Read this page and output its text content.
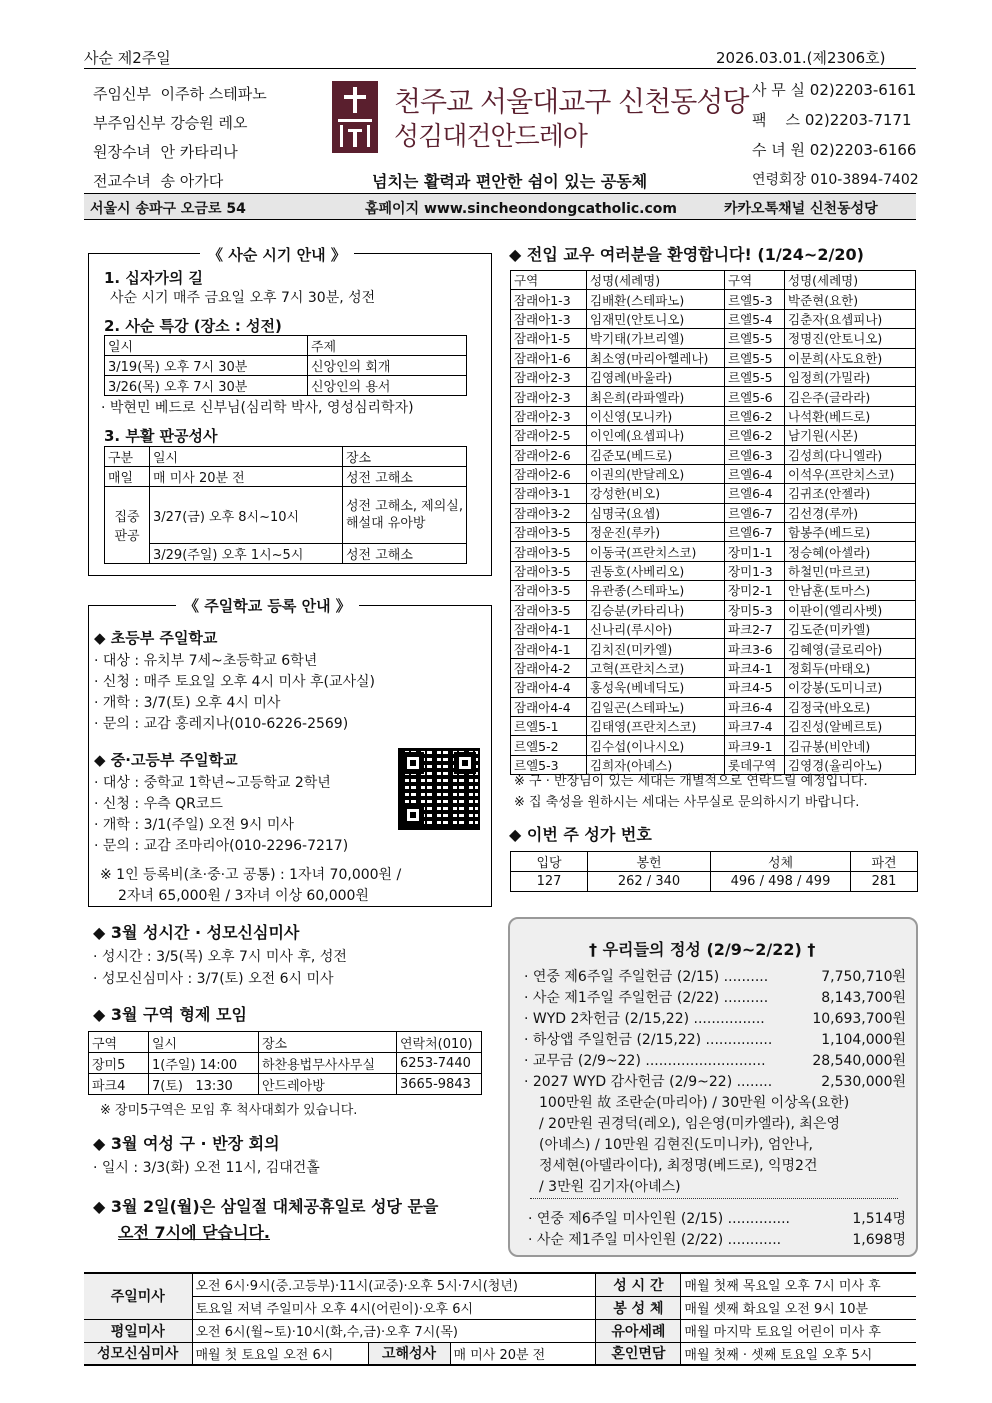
사순 제2주일	2026.03.01.(제2306호)
주임신부  이주하 스테파노
부주임신부 강승원 레오
원장수녀  안 카타리나
전교수녀  송 아가다
천주교 서울대교구 신천동성당
성김대건안드레아
넘치는 활력과 편안한 쉼이 있는 공동체
사 무 실 02)2203-6161
팩    스 02)2203-7171
수 녀 원 02)2203-6166
연령회장 010-3894-7402
서울시 송파구 오금로 54	홈페이지 www.sincheondongcatholic.com	카카오톡채널 신천동성당
《 사순 시기 안내 》
1. 십자가의 길
사순 시기 매주 금요일 오후 7시 30분, 성전
2. 사순 특강 (장소 : 성전)
일시	주제
3/19(목) 오후 7시 30분	신앙인의 회개
3/26(목) 오후 7시 30분	신앙인의 용서
· 박현민 베드로 신부님(심리학 박사, 영성심리학자)
3. 부활 판공성사
구분	일시	장소
매일	매 미사 20분 전	성전 고해소
집중 판공	3/27(금) 오후 8시~10시	성전 고해소, 제의실, 해설대 유아방
	3/29(주일) 오후 1시~5시	성전 고해소
《 주일학교 등록 안내 》
◆ 초등부 주일학교
· 대상 : 유치부 7세~초등학교 6학년
· 신청 : 매주 토요일 오후 4시 미사 후(교사실)
· 개학 : 3/7(토) 오후 4시 미사
· 문의 : 교감 홍레지나(010-6226-2569)
◆ 중·고등부 주일학교
· 대상 : 중학교 1학년~고등학교 2학년
· 신청 : 우측 QR코드
· 개학 : 3/1(주일) 오전 9시 미사
· 문의 : 교감 조마리아(010-2296-7217)
※ 1인 등록비(초·중·고 공통) : 1자녀 70,000원 /
2자녀 65,000원 / 3자녀 이상 60,000원
◆ 3월 성시간 · 성모신심미사
· 성시간 : 3/5(목) 오후 7시 미사 후, 성전
· 성모신심미사 : 3/7(토) 오전 6시 미사
◆ 3월 구역 형제 모임
구역	일시	장소	연락처(010)
장미5	1(주일) 14:00	하찬용법무사사무실	6253-7440
파크4	7(토)   13:30	안드레아방	3665-9843
※ 장미5구역은 모임 후 척사대회가 있습니다.
◆ 3월 여성 구 · 반장 회의
· 일시 : 3/3(화) 오전 11시, 김대건홀
◆ 3월 2일(월)은 삼일절 대체공휴일로 성당 문을
오전 7시에 닫습니다.
◆ 전입 교우 여러분을 환영합니다! (1/24~2/20)
구역	성명(세례명)	구역	성명(세례명)
잠래아1-3	김배환(스테파노)	르엘5-3	박준현(요한)
잠래아1-3	임재민(안토니오)	르엘5-4	김춘자(요셉피나)
잠래아1-5	박기태(가브리엘)	르엘5-5	정명진(안토니오)
잠래아1-6	최소영(마리아헬레나)	르엘5-5	이문희(사도요한)
잠래아2-3	김영례(바울라)	르엘5-5	임정희(가밀라)
잠래아2-3	최은희(라파엘라)	르엘5-6	김은주(글라라)
잠래아2-3	이신영(모니카)	르엘6-2	나석환(베드로)
잠래아2-5	이인예(요셉피나)	르엘6-2	남기원(시몬)
잠래아2-6	김준모(베드로)	르엘6-3	김성희(다니엘라)
잠래아2-6	이권의(반달레오)	르엘6-4	이석우(프란치스코)
잠래아3-1	강성한(비오)	르엘6-4	김귀조(안젤라)
잠래아3-2	심명국(요셉)	르엘6-7	김선경(루까)
잠래아3-5	정운진(루카)	르엘6-7	함봉주(베드로)
잠래아3-5	이동국(프란치스코)	장미1-1	정승혜(아셀라)
잠래아3-5	권동호(사베리오)	장미1-3	하철민(마르코)
잠래아3-5	유관종(스테파노)	장미2-1	안남훈(토마스)
잠래아3-5	김승분(카타리나)	장미5-3	이판이(엘리사벳)
잠래아4-1	신나리(루시아)	파크2-7	김도준(미카엘)
잠래아4-1	김치진(미카엘)	파크3-6	김혜영(글로리아)
잠래아4-2	고혁(프란치스코)	파크4-1	정회두(마태오)
잠래아4-4	홍성욱(베네딕도)	파크4-5	이강봉(도미니코)
잠래아4-4	김일곤(스테파노)	파크6-4	김정국(바오로)
르엘5-1	김태영(프란치스코)	파크7-4	김진성(알베르토)
르엘5-2	김수섭(이나시오)	파크9-1	김규봉(비안네)
르엘5-3	김희자(아녜스)	롯데구역	김영경(율리아노)
※ 구 · 반장님이 있는 세대는 개별적으로 연락드릴 예정입니다.
※ 집 축성을 원하시는 세대는 사무실로 문의하시기 바랍니다.
◆ 이번 주 성가 번호
입당	봉헌	성체	파견
127	262 / 340	496 / 498 / 499	281
† 우리들의 정성 (2/9~2/22) †
· 연중 제6주일 주일헌금 (2/15) ..........	7,750,710원
· 사순 제1주일 주일헌금 (2/22) ..........	8,143,700원
· WYD 2차헌금 (2/15,22) ................	10,693,700원
· 하상앱 주일헌금 (2/15,22) ...............	1,104,000원
· 교무금 (2/9~22) ...........................	28,540,000원
· 2027 WYD 감사헌금 (2/9~22) ........	2,530,000원
100만원 故 조란순(마리아) / 30만원 이상옥(요한)
/ 20만원 권경덕(레오), 임은영(미카엘라), 최은영
(아녜스) / 10만원 김현진(도미니카), 엄안나,
정세현(아델라이다), 최정명(베드로), 익명2건
/ 3만원 김기자(아녜스)
· 연중 제6주일 미사인원 (2/15) ..............	1,514명
· 사순 제1주일 미사인원 (2/22) ............	1,698명
주일미사	오전 6시·9시(중.고등부)·11시(교중)·오후 5시·7시(청년)			성 시 간	매월 첫째 목요일 오후 7시 미사 후
	토요일 저녁 주일미사 오후 4시(어린이)·오후 6시			봉 성 체	매월 셋째 화요일 오전 9시 10분
평일미사	오전 6시(월~토)·10시(화,수,금)·오후 7시(목)			유아세례	매월 마지막 토요일 어린이 미사 후
성모신심미사	매월 첫 토요일 오전 6시	고해성사	매 미사 20분 전	혼인면담	매월 첫째 · 셋째 토요일 오후 5시
